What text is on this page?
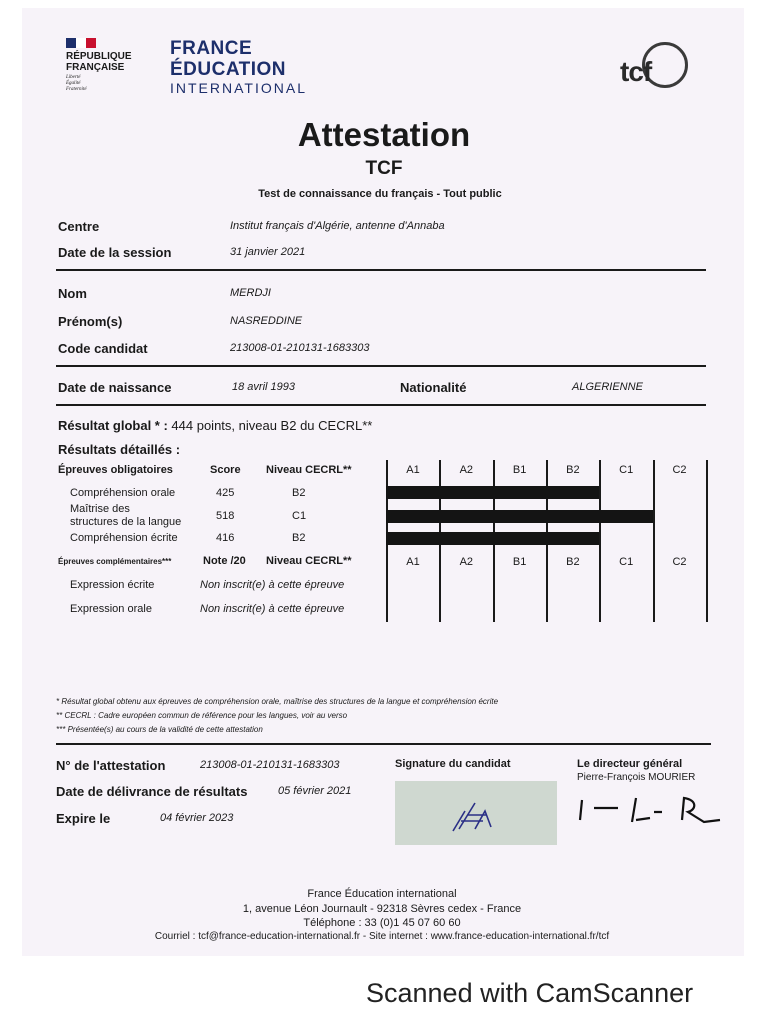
RÉPUBLIQUE
FRANÇAISE
Liberté
Égalité
Fraternité
FRANCE
ÉDUCATION
INTERNATIONAL
tcf
Attestation
TCF
Test de connaissance du français - Tout public
Centre	Institut français d'Algérie, antenne d'Annaba
Date de la session	31 janvier 2021
Nom	MERDJI
Prénom(s)	NASREDDINE
Code candidat	213008-01-210131-1683303
Date de naissance	18 avril 1993	Nationalité	ALGERIENNE
Résultat global * : 444 points, niveau B2 du CECRL**
Résultats détaillés :
Épreuves obligatoires	Score Niveau CECRL**
Compréhension orale	425	B2
Maîtrise des
structures de la langue	518	C1
Compréhension écrite	416	B2
Épreuves complémentaires***	Note /20 Niveau CECRL**
Expression écrite	Non inscrit(e) à cette épreuve
Expression orale	Non inscrit(e) à cette épreuve
A1	A2	B1	B2	C1	C2
A1	A2	B1	B2	C1	C2
* Résultat global obtenu aux épreuves de compréhension orale, maîtrise des structures de la langue et compréhension écrite
** CECRL : Cadre européen commun de référence pour les langues, voir au verso
*** Présentée(s) au cours de la validité de cette attestation
N° de l'attestation	213008-01-210131-1683303
Date de délivrance de résultats	05 février 2021
Expire le	04 février 2023
Signature du candidat	Le directeur général
Pierre-François MOURIER
France Éducation international
1, avenue Léon Journault - 92318 Sèvres cedex - France
Téléphone : 33 (0)1 45 07 60 60
Courriel : tcf@france-education-international.fr - Site internet : www.france-education-international.fr/tcf
Scanned with CamScanner
